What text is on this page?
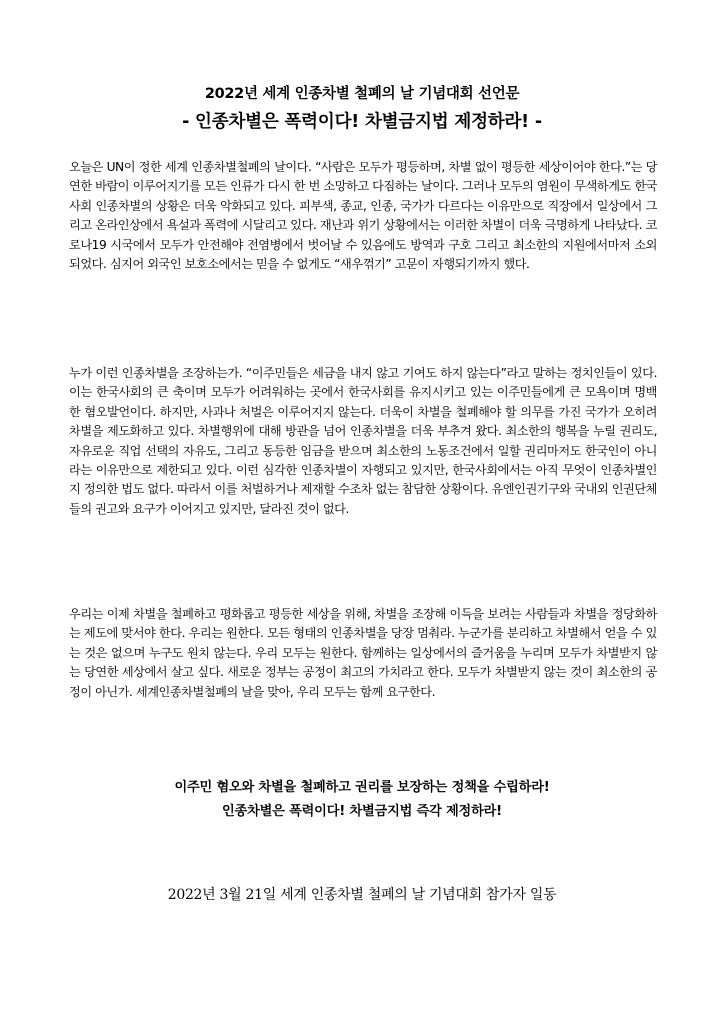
2022년 세계 인종차별 철폐의 날 기념대회 선언문
- 인종차별은 폭력이다! 차별금지법 제정하라! -

오늘은 UN이 정한 세계 인종차별철폐의 날이다. “사람은 모두가 평등하며, 차별 없이 평등한 세상이어야 한다.”는 당연한 바람이 이루어지기를 모든 인류가 다시 한 번 소망하고 다짐하는 날이다. 그러나 모두의 염원이 무색하게도 한국사회 인종차별의 상황은 더욱 악화되고 있다. 피부색, 종교, 인종, 국가가 다르다는 이유만으로 직장에서 일상에서 그리고 온라인상에서 욕설과 폭력에 시달리고 있다. 재난과 위기 상황에서는 이러한 차별이 더욱 극명하게 나타났다. 코로나19 시국에서 모두가 안전해야 전염병에서 벗어날 수 있음에도 방역과 구호 그리고 최소한의 지원에서마저 소외되었다. 심지어 외국인 보호소에서는 믿을 수 없게도 “새우꺾기” 고문이 자행되기까지 했다.

누가 이런 인종차별을 조장하는가. “이주민들은 세금을 내지 않고 기여도 하지 않는다”라고 말하는 정치인들이 있다. 이는 한국사회의 큰 축이며 모두가 어려워하는 곳에서 한국사회를 유지시키고 있는 이주민들에게 큰 모욕이며 명백한 혐오발언이다. 하지만, 사과나 처벌은 이루어지지 않는다. 더욱이 차별을 철폐해야 할 의무를 가진 국가가 오히려 차별을 제도화하고 있다. 차별행위에 대해 방관을 넘어 인종차별을 더욱 부추겨 왔다. 최소한의 행복을 누릴 권리도, 자유로운 직업 선택의 자유도, 그리고 동등한 임금을 받으며 최소한의 노동조건에서 일할 권리마저도 한국인이 아니라는 이유만으로 제한되고 있다. 이런 심각한 인종차별이 자행되고 있지만, 한국사회에서는 아직 무엇이 인종차별인지 정의한 법도 없다. 따라서 이를 처벌하거나 제재할 수조차 없는 참담한 상황이다. 유엔인권기구와 국내외 인권단체들의 권고와 요구가 이어지고 있지만, 달라진 것이 없다.

우리는 이제 차별을 철폐하고 평화롭고 평등한 세상을 위해, 차별을 조장해 이득을 보려는 사람들과 차별을 정당화하는 제도에 맞서야 한다. 우리는 원한다. 모든 형태의 인종차별을 당장 멈춰라. 누군가를 분리하고 차별해서 얻을 수 있는 것은 없으며 누구도 원치 않는다. 우리 모두는 원한다. 함께하는 일상에서의 즐거움을 누리며 모두가 차별받지 않는 당연한 세상에서 살고 싶다. 새로운 정부는 공정이 최고의 가치라고 한다. 모두가 차별받지 않는 것이 최소한의 공정이 아닌가. 세계인종차별철폐의 날을 맞아, 우리 모두는 함께 요구한다.

이주민 혐오와 차별을 철폐하고 권리를 보장하는 정책을 수립하라!
인종차별은 폭력이다! 차별금지법 즉각 제정하라!
2022년 3월 21일 세계 인종차별 철폐의 날 기념대회 참가자 일동
